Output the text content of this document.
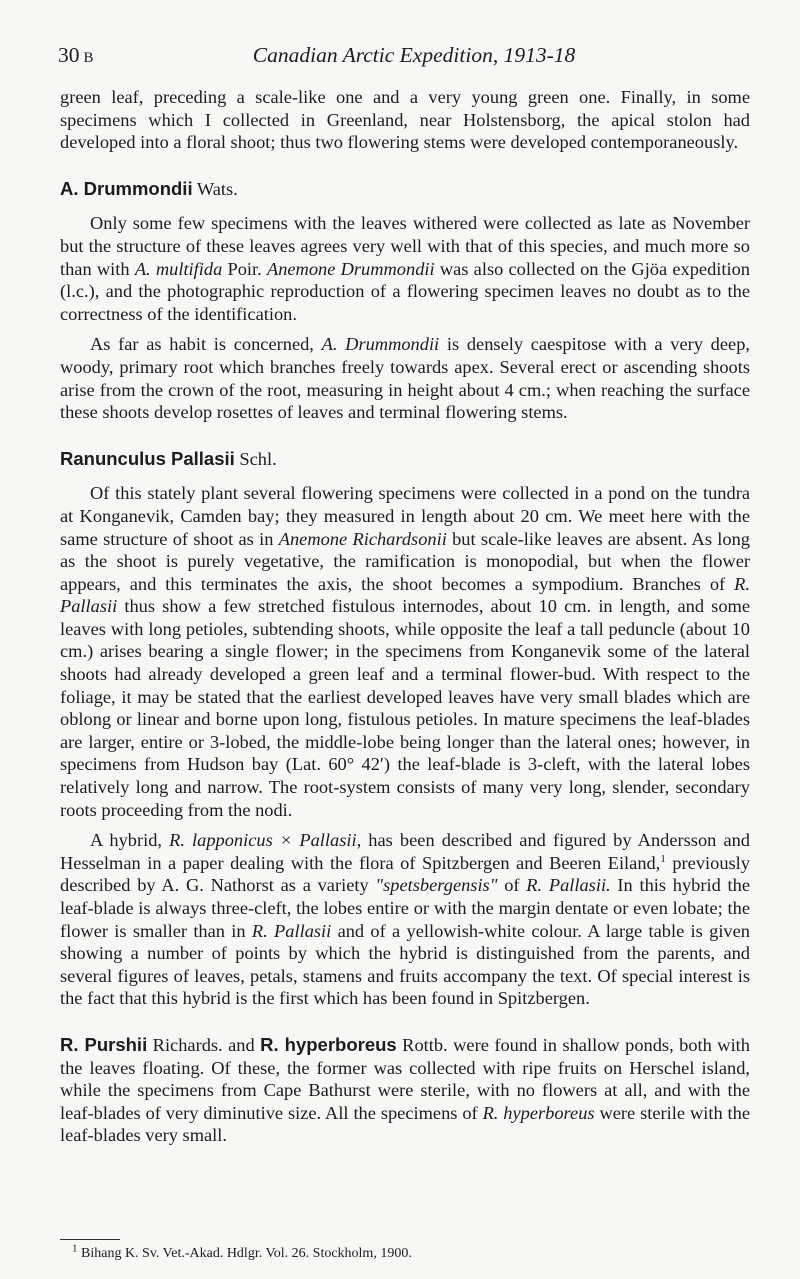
30 B	Canadian Arctic Expedition, 1913-18

green leaf, preceding a scale-like one and a very young green one. Finally, in some specimens which I collected in Greenland, near Holstensborg, the apical stolon had developed into a floral shoot; thus two flowering stems were developed contemporaneously.

A. Drummondii Wats.

Only some few specimens with the leaves withered were collected as late as November but the structure of these leaves agrees very well with that of this species, and much more so than with A. multifida Poir. Anemone Drummondii was also collected on the Gjöa expedition (l.c.), and the photographic reproduction of a flowering specimen leaves no doubt as to the correctness of the identification.

As far as habit is concerned, A. Drummondii is densely caespitose with a very deep, woody, primary root which branches freely towards apex. Several erect or ascending shoots arise from the crown of the root, measuring in height about 4 cm.; when reaching the surface these shoots develop rosettes of leaves and terminal flowering stems.

Ranunculus Pallasii Schl.

Of this stately plant several flowering specimens were collected in a pond on the tundra at Konganevik, Camden bay; they measured in length about 20 cm. We meet here with the same structure of shoot as in Anemone Richardsonii but scale-like leaves are absent. As long as the shoot is purely vegetative, the ramification is monopodial, but when the flower appears, and this terminates the axis, the shoot becomes a sympodium. Branches of R. Pallasii thus show a few stretched fistulous internodes, about 10 cm. in length, and some leaves with long petioles, subtending shoots, while opposite the leaf a tall peduncle (about 10 cm.) arises bearing a single flower; in the specimens from Konganevik some of the lateral shoots had already developed a green leaf and a terminal flower-bud. With respect to the foliage, it may be stated that the earliest developed leaves have very small blades which are oblong or linear and borne upon long, fistulous petioles. In mature specimens the leaf-blades are larger, entire or 3-lobed, the middle-lobe being longer than the lateral ones; however, in specimens from Hudson bay (Lat. 60° 42′) the leaf-blade is 3-cleft, with the lateral lobes relatively long and narrow. The root-system consists of many very long, slender, secondary roots proceeding from the nodi.

A hybrid, R. lapponicus × Pallasii, has been described and figured by Andersson and Hesselman in a paper dealing with the flora of Spitzbergen and Beeren Eiland,$^1$ previously described by A. G. Nathorst as a variety "spetsbergensis" of R. Pallasii. In this hybrid the leaf-blade is always three-cleft, the lobes entire or with the margin dentate or even lobate; the flower is smaller than in R. Pallasii and of a yellowish-white colour. A large table is given showing a number of points by which the hybrid is distinguished from the parents, and several figures of leaves, petals, stamens and fruits accompany the text. Of special interest is the fact that this hybrid is the first which has been found in Spitzbergen.

R. Purshii Richards. and R. hyperboreus Rottb. were found in shallow ponds, both with the leaves floating. Of these, the former was collected with ripe fruits on Herschel island, while the specimens from Cape Bathurst were sterile, with no flowers at all, and with the leaf-blades of very diminutive size. All the specimens of R. hyperboreus were sterile with the leaf-blades very small.

$^1$ Bihang K. Sv. Vet.-Akad. Hdlgr. Vol. 26. Stockholm, 1900.
